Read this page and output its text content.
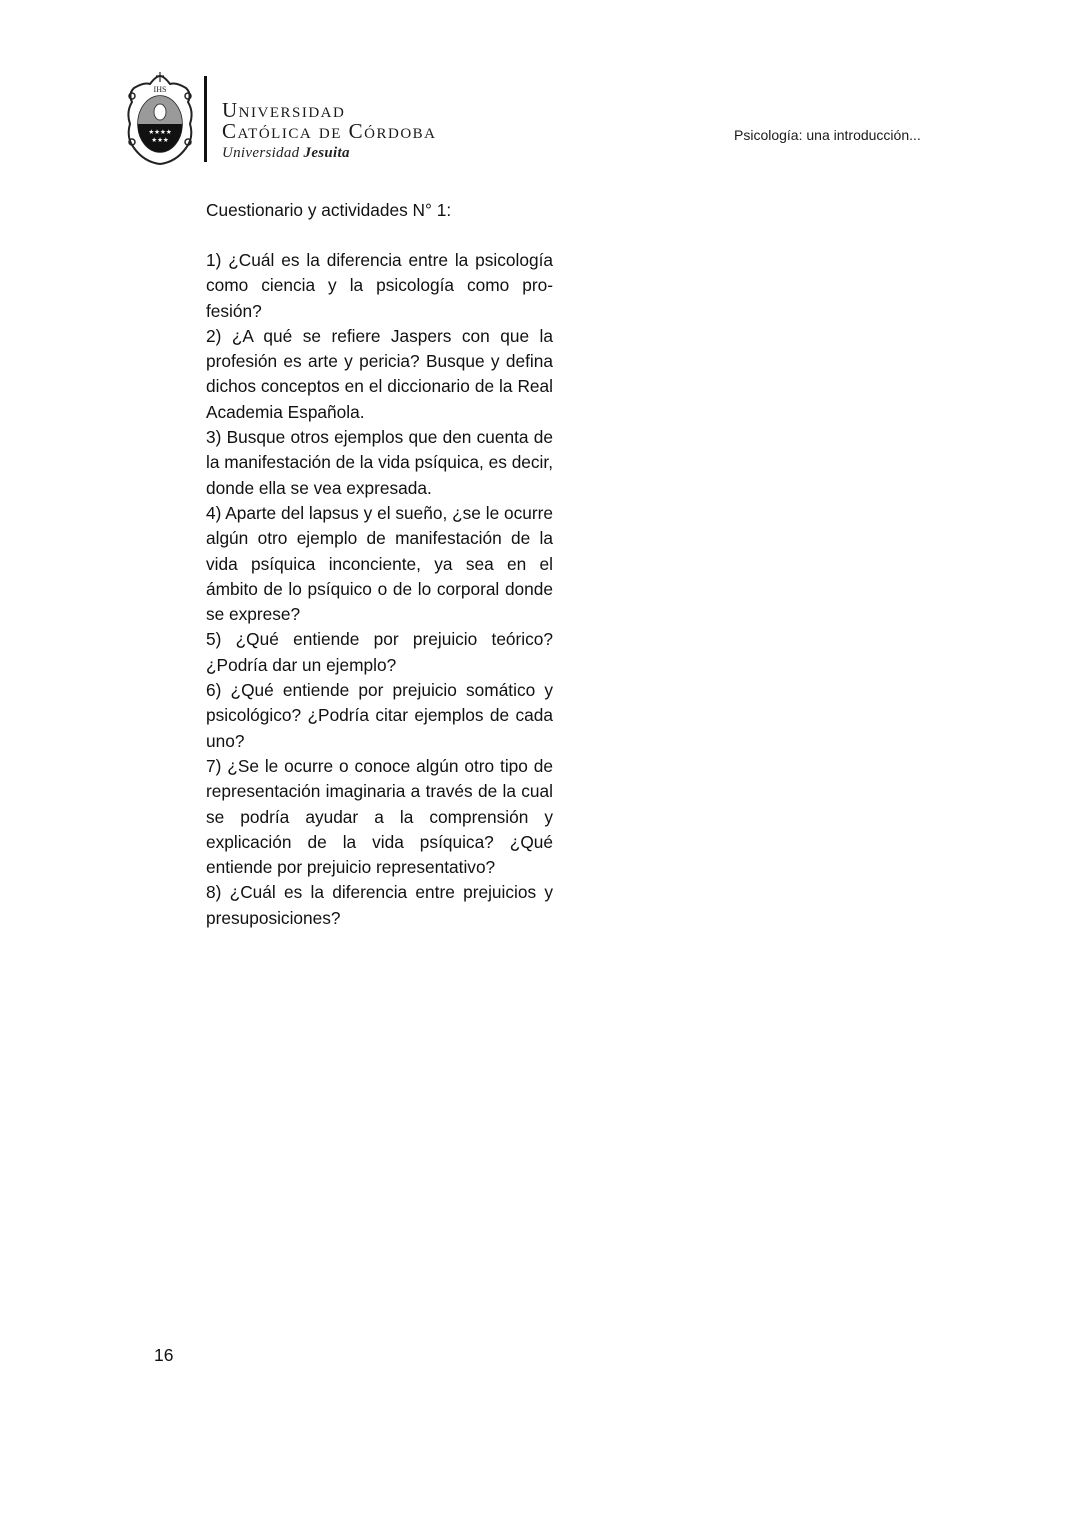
IHS
★★★★
★★★
Universidad
Católica de Córdoba
Universidad Jesuita
Psicología: una introducción...

Cuestionario y actividades N° 1:

1) ¿Cuál es la diferencia entre la psicología como ciencia y la psicología como profesión?

2) ¿A qué se refiere Jaspers con que la profesión es arte y pericia? Busque y defina dichos conceptos en el diccionario de la Real Academia Española.

3) Busque otros ejemplos que den cuenta de la manifestación de la vida psíquica, es decir, donde ella se vea expresada.

4) Aparte del lapsus y el sueño, ¿se le ocurre algún otro ejemplo de manifestación de la vida psíquica inconciente, ya sea en el ámbito de lo psíquico o de lo corporal donde se exprese?

5) ¿Qué entiende por prejuicio teórico? ¿Podría dar un ejemplo?

6) ¿Qué entiende por prejuicio somático y psicológico? ¿Podría citar ejemplos de cada uno?

7) ¿Se le ocurre o conoce algún otro tipo de representación imaginaria a través de la cual se podría ayudar a la comprensión y explicación de la vida psíquica? ¿Qué entiende por prejuicio representativo?

8) ¿Cuál es la diferencia entre prejuicios y presuposiciones?

16
